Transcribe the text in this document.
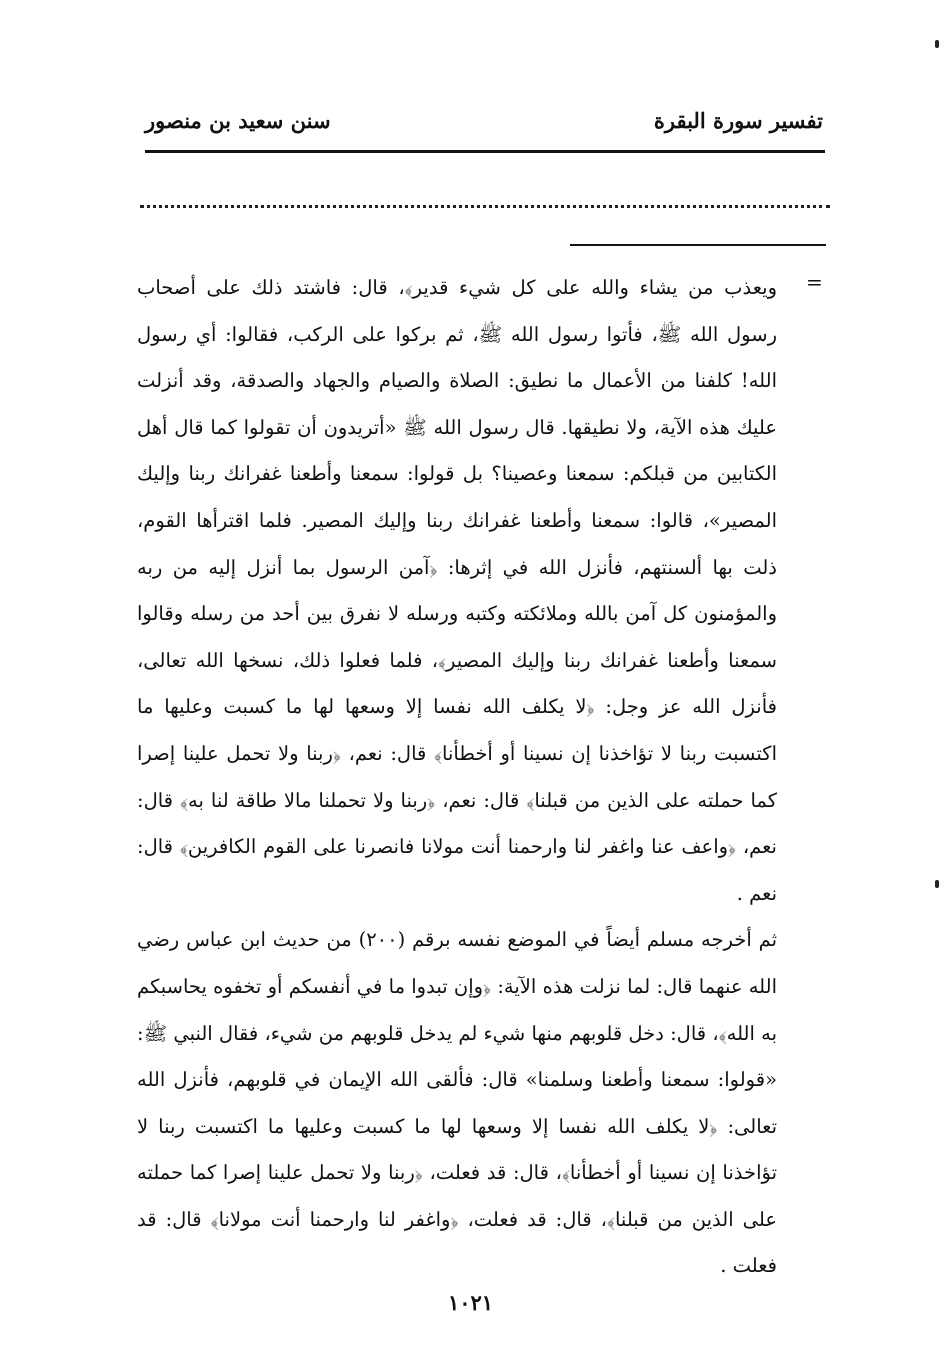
تفسير سورة البقرة
سنن سعيد بن منصور
=

ويعذب من يشاء والله على كل شيء قدير﴾، قال: فاشتد ذلك على أصحاب رسول الله ﷺ، فأتوا رسول الله ﷺ، ثم بركوا على الركب، فقالوا: أي رسول الله! كلفنا من الأعمال ما نطيق: الصلاة والصيام والجهاد والصدقة، وقد أنزلت عليك هذه الآية، ولا نطيقها. قال رسول الله ﷺ «أتريدون أن تقولوا كما قال أهل الكتابين من قبلكم: سمعنا وعصينا؟ بل قولوا: سمعنا وأطعنا غفرانك ربنا وإليك المصير»، قالوا: سمعنا وأطعنا غفرانك ربنا وإليك المصير. فلما اقترأها القوم، ذلت بها ألسنتهم، فأنزل الله في إثرها: ﴿آمن الرسول بما أنزل إليه من ربه والمؤمنون كل آمن بالله وملائكته وكتبه ورسله لا نفرق بين أحد من رسله وقالوا سمعنا وأطعنا غفرانك ربنا وإليك المصير﴾، فلما فعلوا ذلك، نسخها الله تعالى، فأنزل الله عز وجل: ﴿لا يكلف الله نفسا إلا وسعها لها ما كسبت وعليها ما اكتسبت ربنا لا تؤاخذنا إن نسينا أو أخطأنا﴾ قال: نعم، ﴿ربنا ولا تحمل علينا إصرا كما حملته على الذين من قبلنا﴾ قال: نعم، ﴿ربنا ولا تحملنا مالا طاقة لنا به﴾ قال: نعم، ﴿واعف عنا واغفر لنا وارحمنا أنت مولانا فانصرنا على القوم الكافرين﴾ قال: نعم .

ثم أخرجه مسلم أيضاً في الموضع نفسه برقم (٢٠٠) من حديث ابن عباس رضي الله عنهما قال: لما نزلت هذه الآية: ﴿وإن تبدوا ما في أنفسكم أو تخفوه يحاسبكم به الله﴾، قال: دخل قلوبهم منها شيء لم يدخل قلوبهم من شيء، فقال النبي ﷺ: «قولوا: سمعنا وأطعنا وسلمنا» قال: فألقى الله الإيمان في قلوبهم، فأنزل الله تعالى: ﴿لا يكلف الله نفسا إلا وسعها لها ما كسبت وعليها ما اكتسبت ربنا لا تؤاخذنا إن نسينا أو أخطأنا﴾، قال: قد فعلت، ﴿ربنا ولا تحمل علينا إصرا كما حملته على الذين من قبلنا﴾، قال: قد فعلت، ﴿واغفر لنا وارحمنا أنت مولانا﴾ قال: قد فعلت .

١٠٢١
